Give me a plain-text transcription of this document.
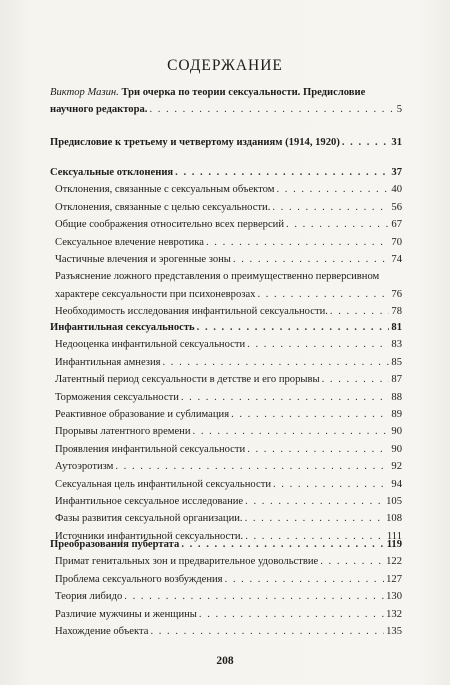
СОДЕРЖАНИЕ
Виктор Мазин. Три очерка по теории сексуальности. Предисловие
научного редактора. . . .	5
Предисловие к третьему и четвертому изданиям (1914, 1920) . . .	31
Сексуальные отклонения . . .	37
Отклонения, связанные с сексуальным объектом . . .	40
Отклонения, связанные с целью сексуальности. . . .	56
Общие соображения относительно всех перверсий . . .	67
Сексуальное влечение невротика . . .	70
Частичные влечения и эрогенные зоны . . .	74
Разъяснение ложного представления о преимущественно перверсивном
характере сексуальности при психоневрозах . . .	76
Необходимость исследования инфантильной сексуальности. . . .	78
Инфантильная сексуальность . . .	81
Недооценка инфантильной сексуальности . . .	83
Инфантильная амнезия . . .	85
Латентный период сексуальности в детстве и его прорывы . . .	87
Торможения сексуальности . . .	88
Реактивное образование и сублимация . . .	89
Прорывы латентного времени . . .	90
Проявления инфантильной сексуальности . . .	90
Аутоэротизм . . .	92
Сексуальная цель инфантильной сексуальности . . .	94
Инфантильное сексуальное исследование . . .	105
Фазы развития сексуальной организации. . . .	108
Источники инфантильной сексуальности. . . .	111
Преобразования пубертата . . .	119
Примат генитальных зон и предварительное удовольствие . . .	122
Проблема сексуального возбуждения . . .	127
Теория либидо . . .	130
Различие мужчины и женщины . . .	132
Нахождение объекта . . .	135
208
